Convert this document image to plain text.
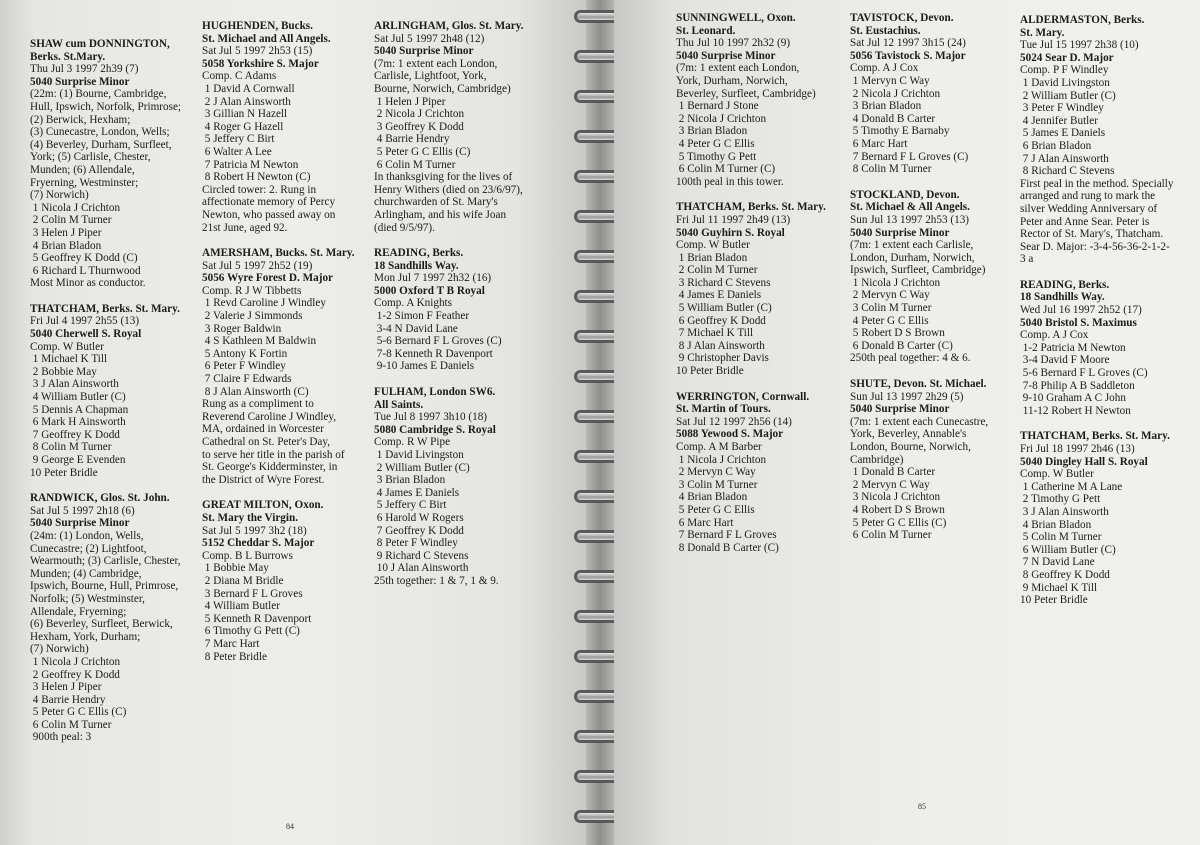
SHAW cum DONNINGTON,
Berks. St.Mary.
Thu Jul 3 1997 2h39 (7)
5040 Surprise Minor
(22m: (1) Bourne, Cambridge,
Hull, Ipswich, Norfolk, Primrose;
(2) Berwick, Hexham;
(3) Cunecastre, London, Wells;
(4) Beverley, Durham, Surfleet,
York; (5) Carlisle, Chester,
Munden; (6) Allendale,
Fryerning, Westminster;
(7) Norwich)
1 Nicola J Crichton
2 Colin M Turner
3 Helen J Piper
4 Brian Bladon
5 Geoffrey K Dodd (C)
6 Richard L Thurnwood
Most Minor as conductor.
THATCHAM, Berks. St. Mary.
Fri Jul 4 1997 2h55 (13)
5040 Cherwell S. Royal
Comp. W Butler
1 Michael K Till
2 Bobbie May
3 J Alan Ainsworth
4 William Butler (C)
5 Dennis A Chapman
6 Mark H Ainsworth
7 Geoffrey K Dodd
8 Colin M Turner
9 George E Evenden
10 Peter Bridle
RANDWICK, Glos. St. John.
Sat Jul 5 1997 2h18 (6)
5040 Surprise Minor
(24m: (1) London, Wells,
Cunecastre; (2) Lightfoot,
Wearmouth; (3) Carlisle, Chester,
Munden; (4) Cambridge,
Ipswich, Bourne, Hull, Primrose,
Norfolk; (5) Westminster,
Allendale, Fryerning;
(6) Beverley, Surfleet, Berwick,
Hexham, York, Durham;
(7) Norwich)
1 Nicola J Crichton
2 Geoffrey K Dodd
3 Helen J Piper
4 Barrie Hendry
5 Peter G C Ellis (C)
6 Colin M Turner
900th peal: 3
HUGHENDEN, Bucks.
St. Michael and All Angels.
Sat Jul 5 1997 2h53 (15)
5058 Yorkshire S. Major
Comp. C Adams
1 David A Cornwall
2 J Alan Ainsworth
3 Gillian N Hazell
4 Roger G Hazell
5 Jeffery C Birt
6 Walter A Lee
7 Patricia M Newton
8 Robert H Newton (C)
Circled tower: 2. Rung in
affectionate memory of Percy
Newton, who passed away on
21st June, aged 92.
AMERSHAM, Bucks. St. Mary.
Sat Jul 5 1997 2h52 (19)
5056 Wyre Forest D. Major
Comp. R J W Tibbetts
1 Revd Caroline J Windley
2 Valerie J Simmonds
3 Roger Baldwin
4 S Kathleen M Baldwin
5 Antony K Fortin
6 Peter F Windley
7 Claire F Edwards
8 J Alan Ainsworth (C)
Rung as a compliment to
Reverend Caroline J Windley,
MA, ordained in Worcester
Cathedral on St. Peter's Day,
to serve her title in the parish of
St. George's Kidderminster, in
the District of Wyre Forest.
GREAT MILTON, Oxon.
St. Mary the Virgin.
Sat Jul 5 1997 3h2 (18)
5152 Cheddar S. Major
Comp. B L Burrows
1 Bobbie May
2 Diana M Bridle
3 Bernard F L Groves
4 William Butler
5 Kenneth R Davenport
6 Timothy G Pett (C)
7 Marc Hart
8 Peter Bridle
ARLINGHAM, Glos. St. Mary.
Sat Jul 5 1997 2h48 (12)
5040 Surprise Minor
(7m: 1 extent each London,
Carlisle, Lightfoot, York,
Bourne, Norwich, Cambridge)
1 Helen J Piper
2 Nicola J Crichton
3 Geoffrey K Dodd
4 Barrie Hendry
5 Peter G C Ellis (C)
6 Colin M Turner
In thanksgiving for the lives of
Henry Withers (died on 23/6/97),
churchwarden of St. Mary's
Arlingham, and his wife Joan
(died 9/5/97).
READING, Berks.
18 Sandhills Way.
Mon Jul 7 1997 2h32 (16)
5000 Oxford T B Royal
Comp. A Knights
1-2 Simon F Feather
3-4 N David Lane
5-6 Bernard F L Groves (C)
7-8 Kenneth R Davenport
9-10 James E Daniels
FULHAM, London SW6.
All Saints.
Tue Jul 8 1997 3h10 (18)
5080 Cambridge S. Royal
Comp. R W Pipe
1 David Livingston
2 William Butler (C)
3 Brian Bladon
4 James E Daniels
5 Jeffery C Birt
6 Harold W Rogers
7 Geoffrey K Dodd
8 Peter F Windley
9 Richard C Stevens
10 J Alan Ainsworth
25th together: 1 & 7, 1 & 9.
84
SUNNINGWELL, Oxon.
St. Leonard.
Thu Jul 10 1997 2h32 (9)
5040 Surprise Minor
(7m: 1 extent each London,
York, Durham, Norwich,
Beverley, Surfleet, Cambridge)
1 Bernard J Stone
2 Nicola J Crichton
3 Brian Bladon
4 Peter G C Ellis
5 Timothy G Pett
6 Colin M Turner (C)
100th peal in this tower.
THATCHAM, Berks. St. Mary.
Fri Jul 11 1997 2h49 (13)
5040 Guyhirn S. Royal
Comp. W Butler
1 Brian Bladon
2 Colin M Turner
3 Richard C Stevens
4 James E Daniels
5 William Butler (C)
6 Geoffrey K Dodd
7 Michael K Till
8 J Alan Ainsworth
9 Christopher Davis
10 Peter Bridle
WERRINGTON, Cornwall.
St. Martin of Tours.
Sat Jul 12 1997 2h56 (14)
5088 Yewood S. Major
Comp. A M Barber
1 Nicola J Crichton
2 Mervyn C Way
3 Colin M Turner
4 Brian Bladon
5 Peter G C Ellis
6 Marc Hart
7 Bernard F L Groves
8 Donald B Carter (C)
TAVISTOCK, Devon.
St. Eustachius.
Sat Jul 12 1997 3h15 (24)
5056 Tavistock S. Major
Comp. A J Cox
1 Mervyn C Way
2 Nicola J Crichton
3 Brian Bladon
4 Donald B Carter
5 Timothy E Barnaby
6 Marc Hart
7 Bernard F L Groves (C)
8 Colin M Turner
STOCKLAND, Devon.
St. Michael & All Angels.
Sun Jul 13 1997 2h53 (13)
5040 Surprise Minor
(7m: 1 extent each Carlisle,
London, Durham, Norwich,
Ipswich, Surfleet, Cambridge)
1 Nicola J Crichton
2 Mervyn C Way
3 Colin M Turner
4 Peter G C Ellis
5 Robert D S Brown
6 Donald B Carter (C)
250th peal together: 4 & 6.
SHUTE, Devon. St. Michael.
Sun Jul 13 1997 2h29 (5)
5040 Surprise Minor
(7m: 1 extent each Cunecastre,
York, Beverley, Annable's
London, Bourne, Norwich,
Cambridge)
1 Donald B Carter
2 Mervyn C Way
3 Nicola J Crichton
4 Robert D S Brown
5 Peter G C Ellis (C)
6 Colin M Turner
ALDERMASTON, Berks.
St. Mary.
Tue Jul 15 1997 2h38 (10)
5024 Sear D. Major
Comp. P F Windley
1 David Livingston
2 William Butler (C)
3 Peter F Windley
4 Jennifer Butler
5 James E Daniels
6 Brian Bladon
7 J Alan Ainsworth
8 Richard C Stevens
First peal in the method. Specially
arranged and rung to mark the
silver Wedding Anniversary of
Peter and Anne Sear. Peter is
Rector of St. Mary's, Thatcham.
Sear D. Major: -3-4-56-36-2-1-2-
3 a
READING, Berks.
18 Sandhills Way.
Wed Jul 16 1997 2h52 (17)
5040 Bristol S. Maximus
Comp. A J Cox
1-2 Patricia M Newton
3-4 David F Moore
5-6 Bernard F L Groves (C)
7-8 Philip A B Saddleton
9-10 Graham A C John
11-12 Robert H Newton
THATCHAM, Berks. St. Mary.
Fri Jul 18 1997 2h46 (13)
5040 Dingley Hall S. Royal
Comp. W Butler
1 Catherine M A Lane
2 Timothy G Pett
3 J Alan Ainsworth
4 Brian Bladon
5 Colin M Turner
6 William Butler (C)
7 N David Lane
8 Geoffrey K Dodd
9 Michael K Till
10 Peter Bridle
85
